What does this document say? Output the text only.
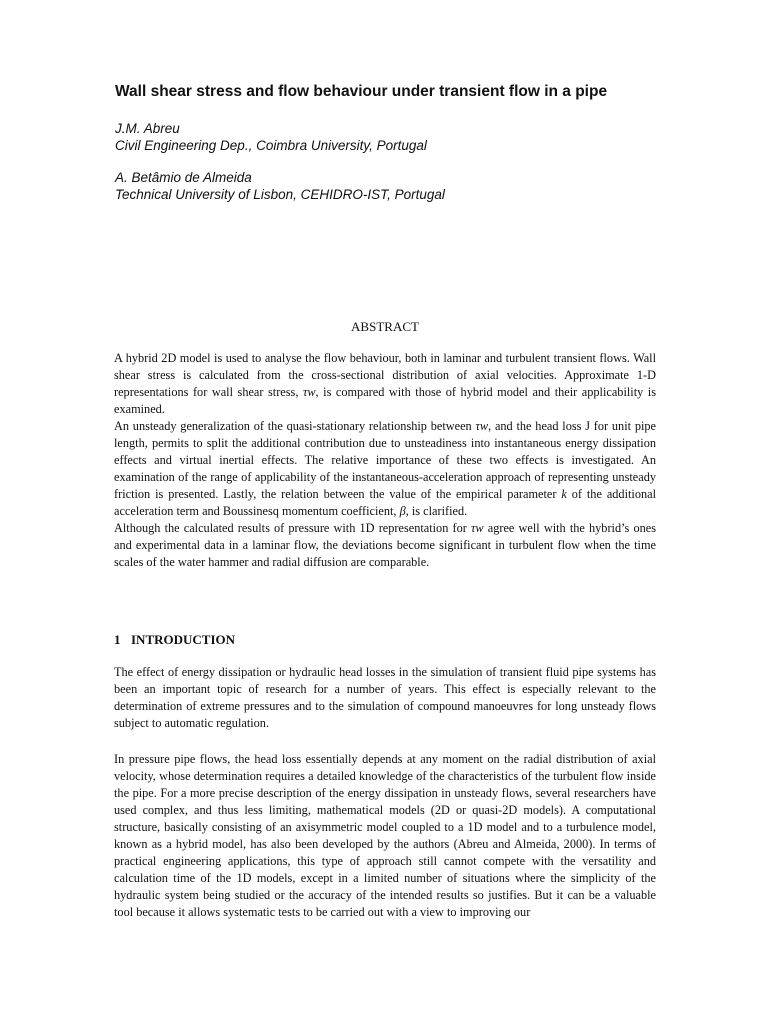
Wall shear stress and flow behaviour under transient flow in a pipe
J.M. Abreu
Civil Engineering Dep., Coimbra University, Portugal
A. Betâmio de Almeida
Technical University of Lisbon, CEHIDRO-IST, Portugal
ABSTRACT

A hybrid 2D model is used to analyse the flow behaviour, both in laminar and turbulent transient flows. Wall shear stress is calculated from the cross-sectional distribution of axial velocities. Approximate 1-D representations for wall shear stress, τw, is compared with those of hybrid model and their applicability is examined.

An unsteady generalization of the quasi-stationary relationship between τw, and the head loss J for unit pipe length, permits to split the additional contribution due to unsteadiness into instantaneous energy dissipation effects and virtual inertial effects. The relative importance of these two effects is investigated. An examination of the range of applicability of the instantaneous-acceleration approach of representing unsteady friction is presented. Lastly, the relation between the value of the empirical parameter k of the additional acceleration term and Boussinesq momentum coefficient, β, is clarified.

Although the calculated results of pressure with 1D representation for τw agree well with the hybrid’s ones and experimental data in a laminar flow, the deviations become significant in turbulent flow when the time scales of the water hammer and radial diffusion are comparable.

1 INTRODUCTION

The effect of energy dissipation or hydraulic head losses in the simulation of transient fluid pipe systems has been an important topic of research for a number of years. This effect is especially relevant to the determination of extreme pressures and to the simulation of compound manoeuvres for long unsteady flows subject to automatic regulation.

In pressure pipe flows, the head loss essentially depends at any moment on the radial distribution of axial velocity, whose determination requires a detailed knowledge of the characteristics of the turbulent flow inside the pipe. For a more precise description of the energy dissipation in unsteady flows, several researchers have used complex, and thus less limiting, mathematical models (2D or quasi-2D models). A computational structure, basically consisting of an axisymmetric model coupled to a 1D model and to a turbulence model, known as a hybrid model, has also been developed by the authors (Abreu and Almeida, 2000). In terms of practical engineering applications, this type of approach still cannot compete with the versatility and calculation time of the 1D models, except in a limited number of situations where the simplicity of the hydraulic system being studied or the accuracy of the intended results so justifies. But it can be a valuable tool because it allows systematic tests to be carried out with a view to improving our
